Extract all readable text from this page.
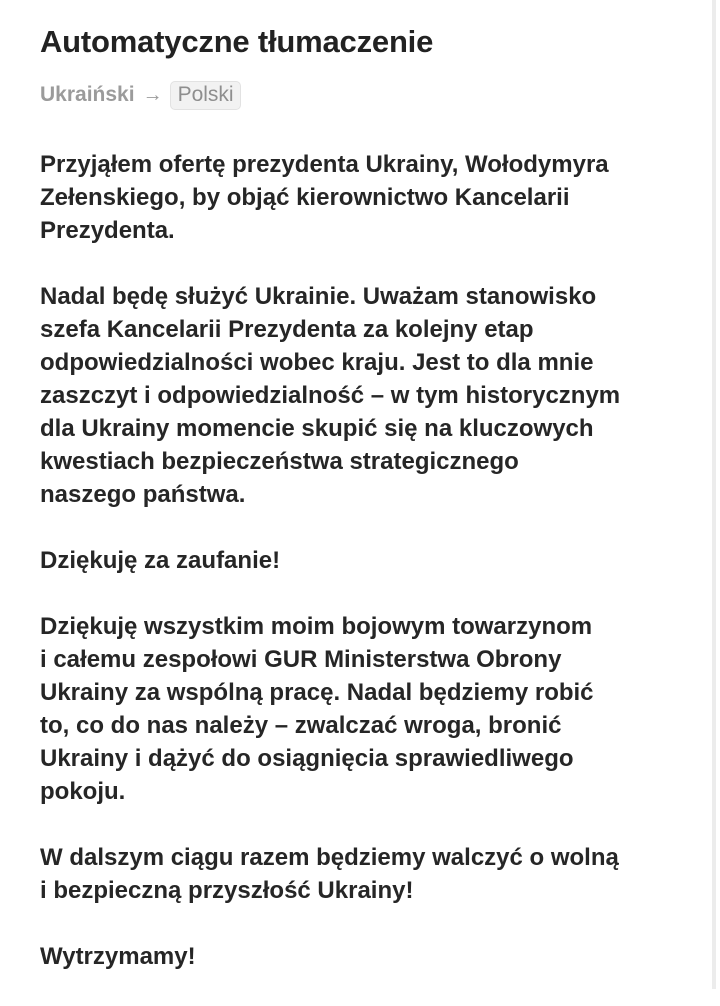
Automatyczne tłumaczenie
Ukraiński → Polski

Przyjąłem ofertę prezydenta Ukrainy, Wołodymyra
Zełenskiego, by objąć kierownictwo Kancelarii
Prezydenta.

Nadal będę służyć Ukrainie. Uważam stanowisko
szefa Kancelarii Prezydenta za kolejny etap
odpowiedzialności wobec kraju. Jest to dla mnie
zaszczyt i odpowiedzialność – w tym historycznym
dla Ukrainy momencie skupić się na kluczowych
kwestiach bezpieczeństwa strategicznego
naszego państwa.

Dziękuję za zaufanie!

Dziękuję wszystkim moim bojowym towarzynom
i całemu zespołowi GUR Ministerstwa Obrony
Ukrainy za wspólną pracę. Nadal będziemy robić
to, co do nas należy – zwalczać wroga, bronić
Ukrainy i dążyć do osiągnięcia sprawiedliwego
pokoju.

W dalszym ciągu razem będziemy walczyć o wolną
i bezpieczną przyszłość Ukrainy!

Wytrzymamy!
